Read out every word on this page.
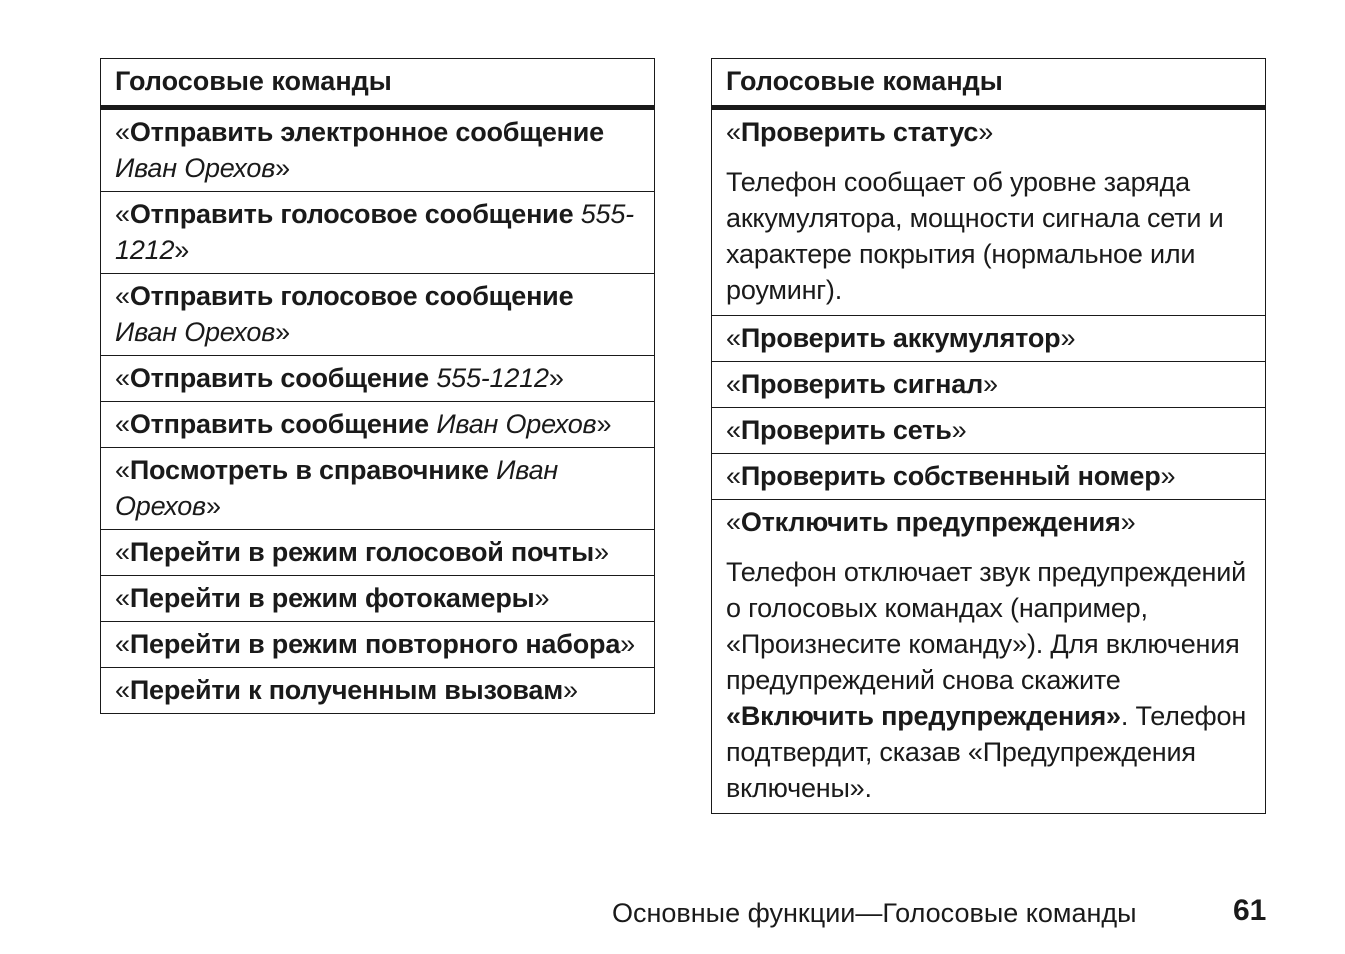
Голосовые команды
«Отправить электронное сообщение Иван Орехов»
«Отправить голосовое сообщение 555-1212»
«Отправить голосовое сообщение Иван Орехов»
«Отправить сообщение 555-1212»
«Отправить сообщение Иван Орехов»
«Посмотреть в справочнике Иван Орехов»
«Перейти в режим голосовой почты»
«Перейти в режим фотокамеры»
«Перейти в режим повторного набора»
«Перейти к полученным вызовам»
Голосовые команды

«Проверить статус»
Телефон сообщает об уровне заряда аккумулятора, мощности сигнала сети и характере покрытия (нормальное или роуминг).

«Проверить аккумулятор»
«Проверить сигнал»
«Проверить сеть»
«Проверить собственный номер»

«Отключить предупреждения»
Телефон отключает звук предупреждений о голосовых командах (например, «Произнесите команду»). Для включения предупреждений снова скажите «Включить предупреждения». Телефон подтвердит, сказав «Предупреждения включены».
Основные функции—Голосовые команды	61
